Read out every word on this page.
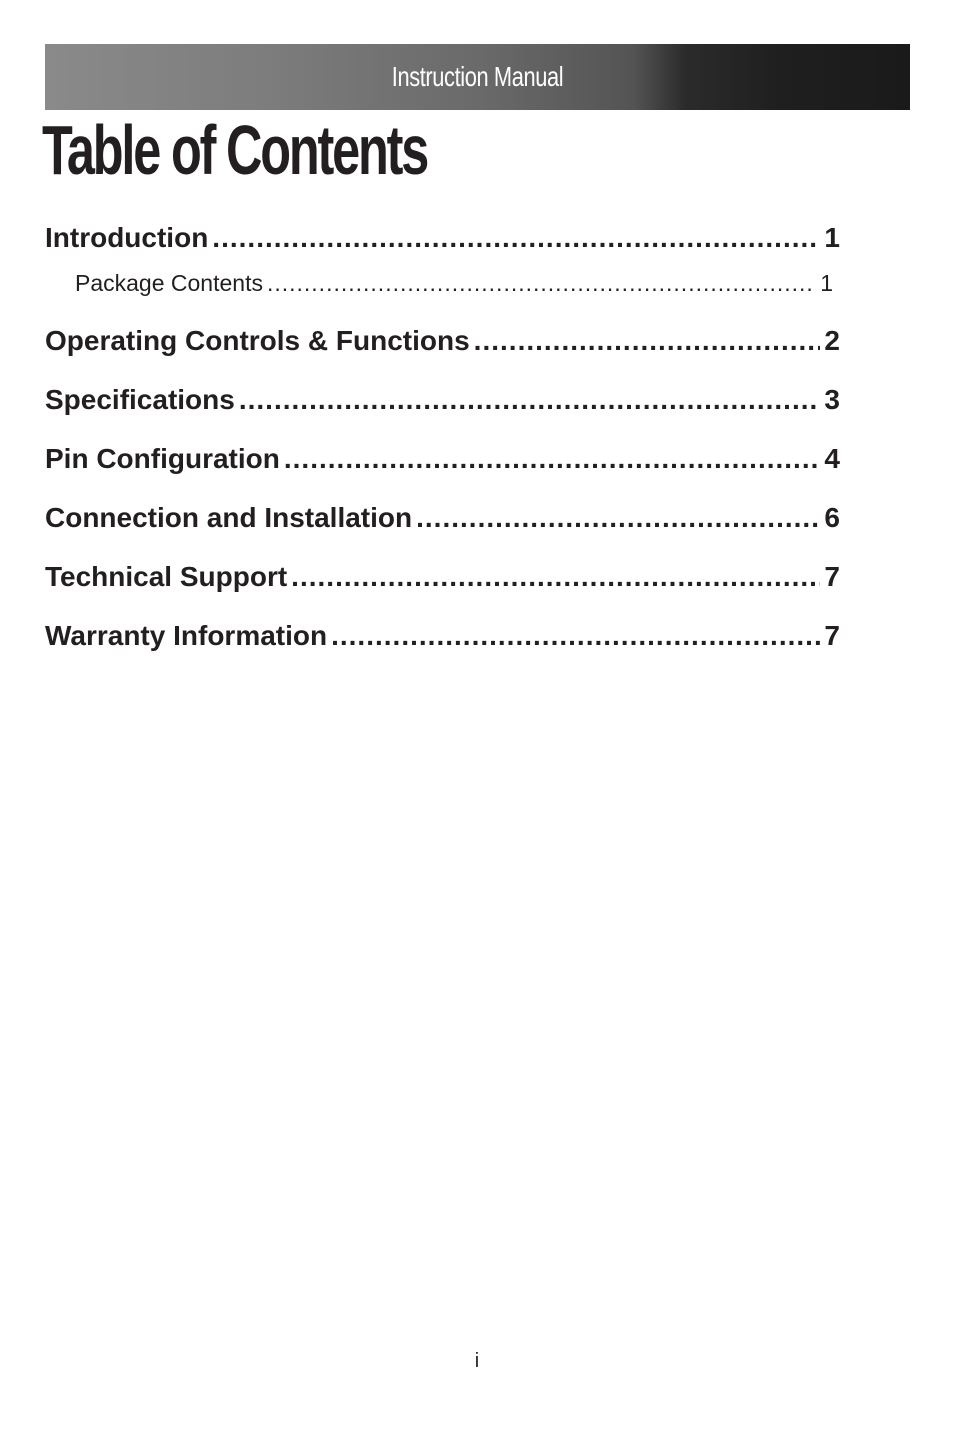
Instruction Manual
Table of Contents
Introduction .....	1
Package Contents .....	1
Operating Controls & Functions .....	2
Specifications .....	3
Pin Configuration .....	4
Connection and Installation .....	6
Technical Support .....	7
Warranty Information .....	7
i
